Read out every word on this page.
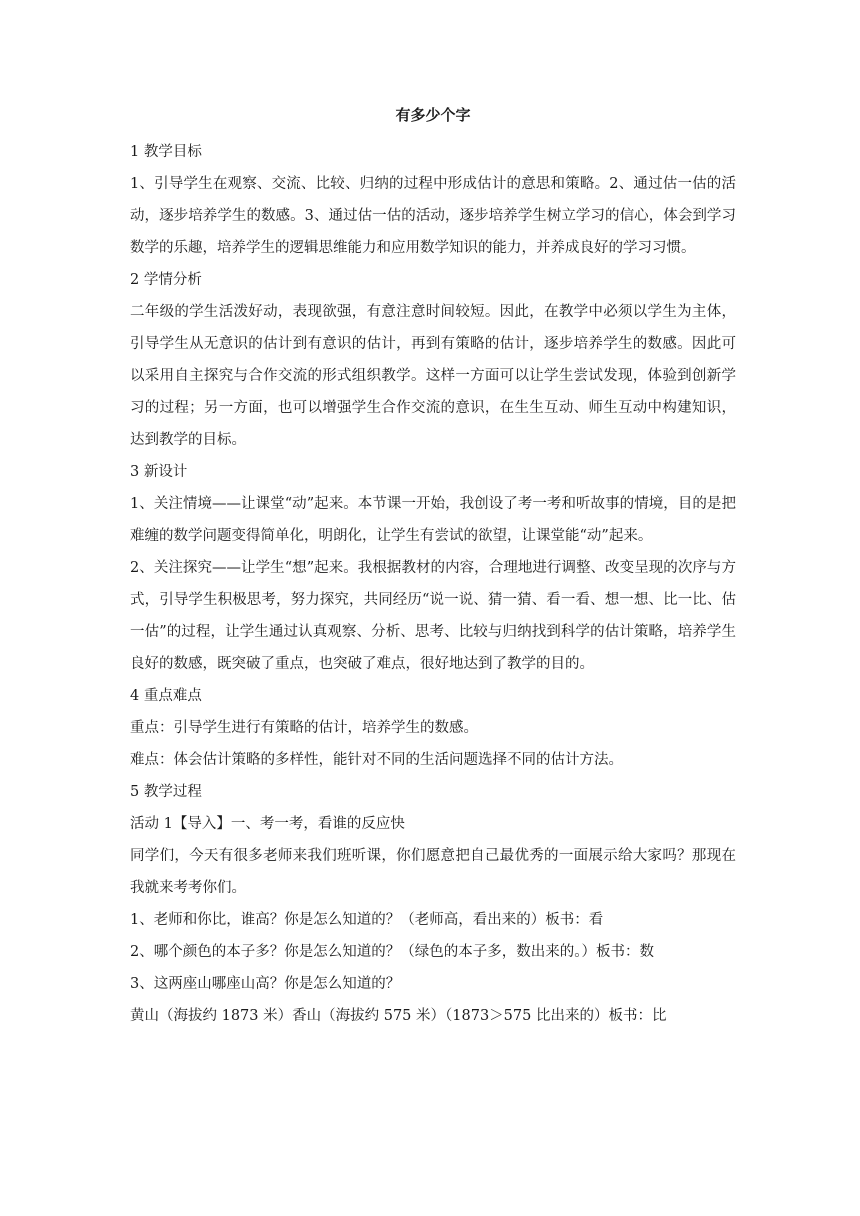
有多少个字
1 教学目标
1、引导学生在观察、交流、比较、归纳的过程中形成估计的意思和策略。2、通过估一估的活动，逐步培养学生的数感。3、通过估一估的活动，逐步培养学生树立学习的信心，体会到学习数学的乐趣，培养学生的逻辑思维能力和应用数学知识的能力，并养成良好的学习习惯。
2 学情分析
二年级的学生活泼好动，表现欲强，有意注意时间较短。因此，在教学中必须以学生为主体，引导学生从无意识的估计到有意识的估计，再到有策略的估计，逐步培养学生的数感。因此可以采用自主探究与合作交流的形式组织教学。这样一方面可以让学生尝试发现，体验到创新学习的过程；另一方面，也可以增强学生合作交流的意识，在生生互动、师生互动中构建知识，达到教学的目标。
3 新设计
1、关注情境——让课堂“动”起来。本节课一开始，我创设了考一考和听故事的情境，目的是把难缠的数学问题变得简单化，明朗化，让学生有尝试的欲望，让课堂能“动”起来。
2、关注探究——让学生“想”起来。我根据教材的内容，合理地进行调整、改变呈现的次序与方式，引导学生积极思考，努力探究，共同经历“说一说、猜一猜、看一看、想一想、比一比、估一估”的过程，让学生通过认真观察、分析、思考、比较与归纳找到科学的估计策略，培养学生良好的数感，既突破了重点，也突破了难点，很好地达到了教学的目的。
4 重点难点
重点：引导学生进行有策略的估计，培养学生的数感。
难点：体会估计策略的多样性，能针对不同的生活问题选择不同的估计方法。
5 教学过程
活动 1【导入】一、考一考，看谁的反应快
同学们，今天有很多老师来我们班听课，你们愿意把自己最优秀的一面展示给大家吗？那现在我就来考考你们。
1、老师和你比，谁高？你是怎么知道的？（老师高，看出来的）板书：看
2、哪个颜色的本子多？你是怎么知道的？（绿色的本子多，数出来的。）板书：数
3、这两座山哪座山高？你是怎么知道的？
黄山（海拔约 1873 米）香山（海拔约 575 米）（1873＞575 比出来的）板书：比
